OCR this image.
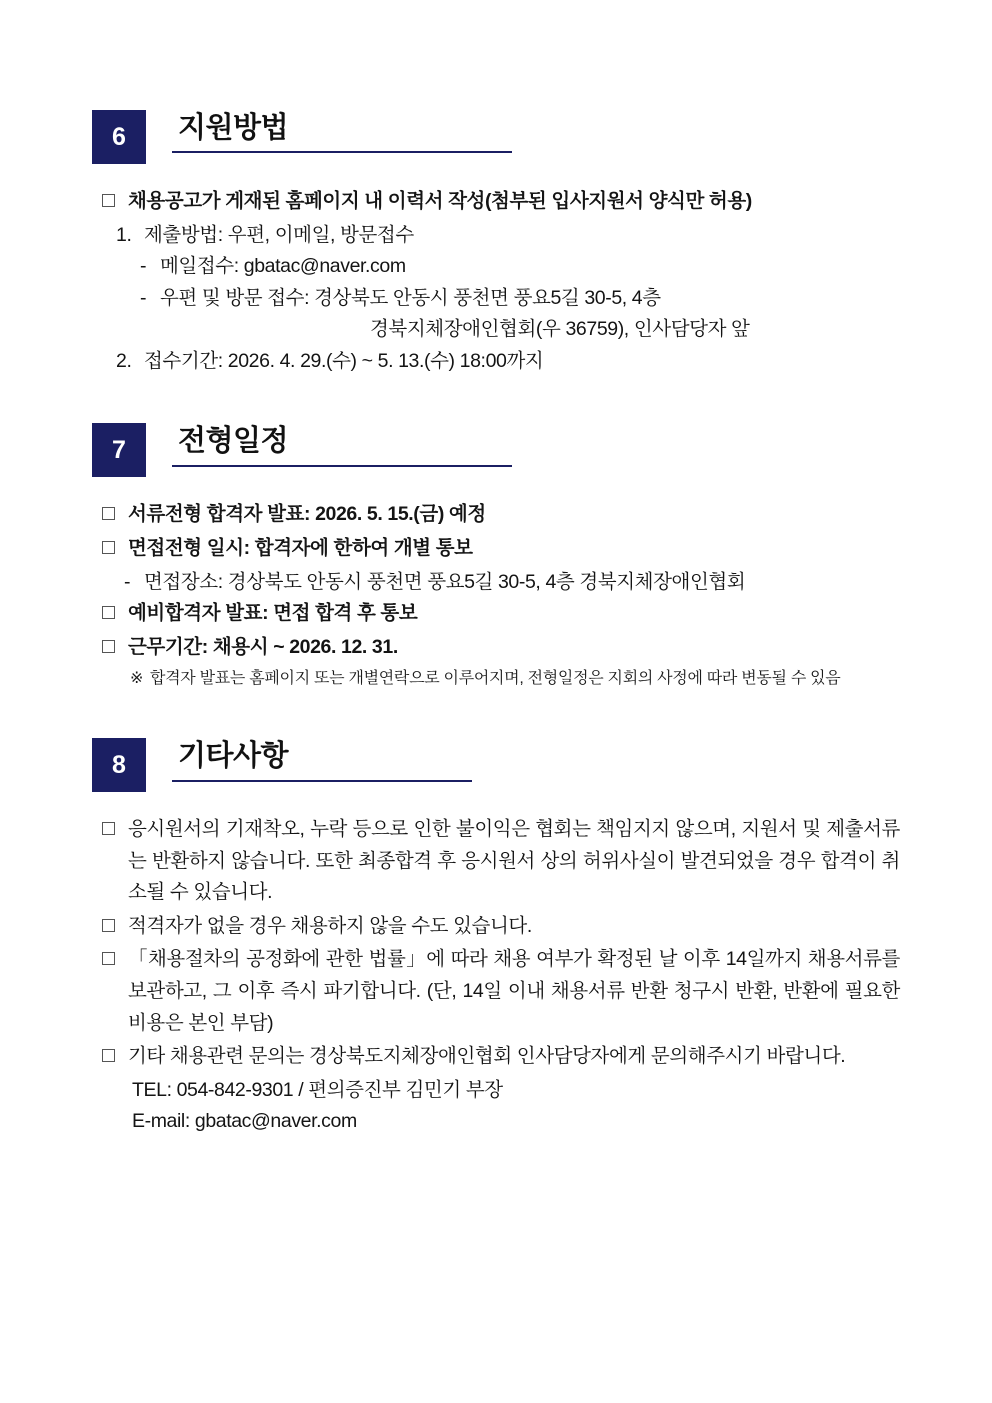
6	지원방법
채용공고가 게재된 홈페이지 내 이력서 작성(첨부된 입사지원서 양식만 허용)
1. 제출방법: 우편, 이메일, 방문접수
- 메일접수: gbatac@naver.com
- 우편 및 방문 접수: 경상북도 안동시 풍천면 풍요5길 30-5, 4층
경북지체장애인협회(우 36759), 인사담당자 앞
2. 접수기간: 2026. 4. 29.(수) ~ 5. 13.(수) 18:00까지
7	전형일정
서류전형 합격자 발표: 2026. 5. 15.(금) 예정
면접전형 일시: 합격자에 한하여 개별 통보
- 면접장소: 경상북도 안동시 풍천면 풍요5길 30-5, 4층 경북지체장애인협회
예비합격자 발표: 면접 합격 후 통보
근무기간: 채용시 ~ 2026. 12. 31.
※ 합격자 발표는 홈페이지 또는 개별연락으로 이루어지며, 전형일정은 지회의 사정에 따라 변동될 수 있음
8	기타사항
응시원서의 기재착오, 누락 등으로 인한 불이익은 협회는 책임지지 않으며, 지원서 및 제출서류는 반환하지 않습니다. 또한 최종합격 후 응시원서 상의 허위사실이 발견되었을 경우 합격이 취소될 수 있습니다.
적격자가 없을 경우 채용하지 않을 수도 있습니다.
「채용절차의 공정화에 관한 법률」에 따라 채용 여부가 확정된 날 이후 14일까지 채용서류를 보관하고, 그 이후 즉시 파기합니다. (단, 14일 이내 채용서류 반환 청구시 반환, 반환에 필요한 비용은 본인 부담)
기타 채용관련 문의는 경상북도지체장애인협회 인사담당자에게 문의해주시기 바랍니다.
TEL: 054-842-9301 / 편의증진부 김민기 부장
E-mail: gbatac@naver.com
